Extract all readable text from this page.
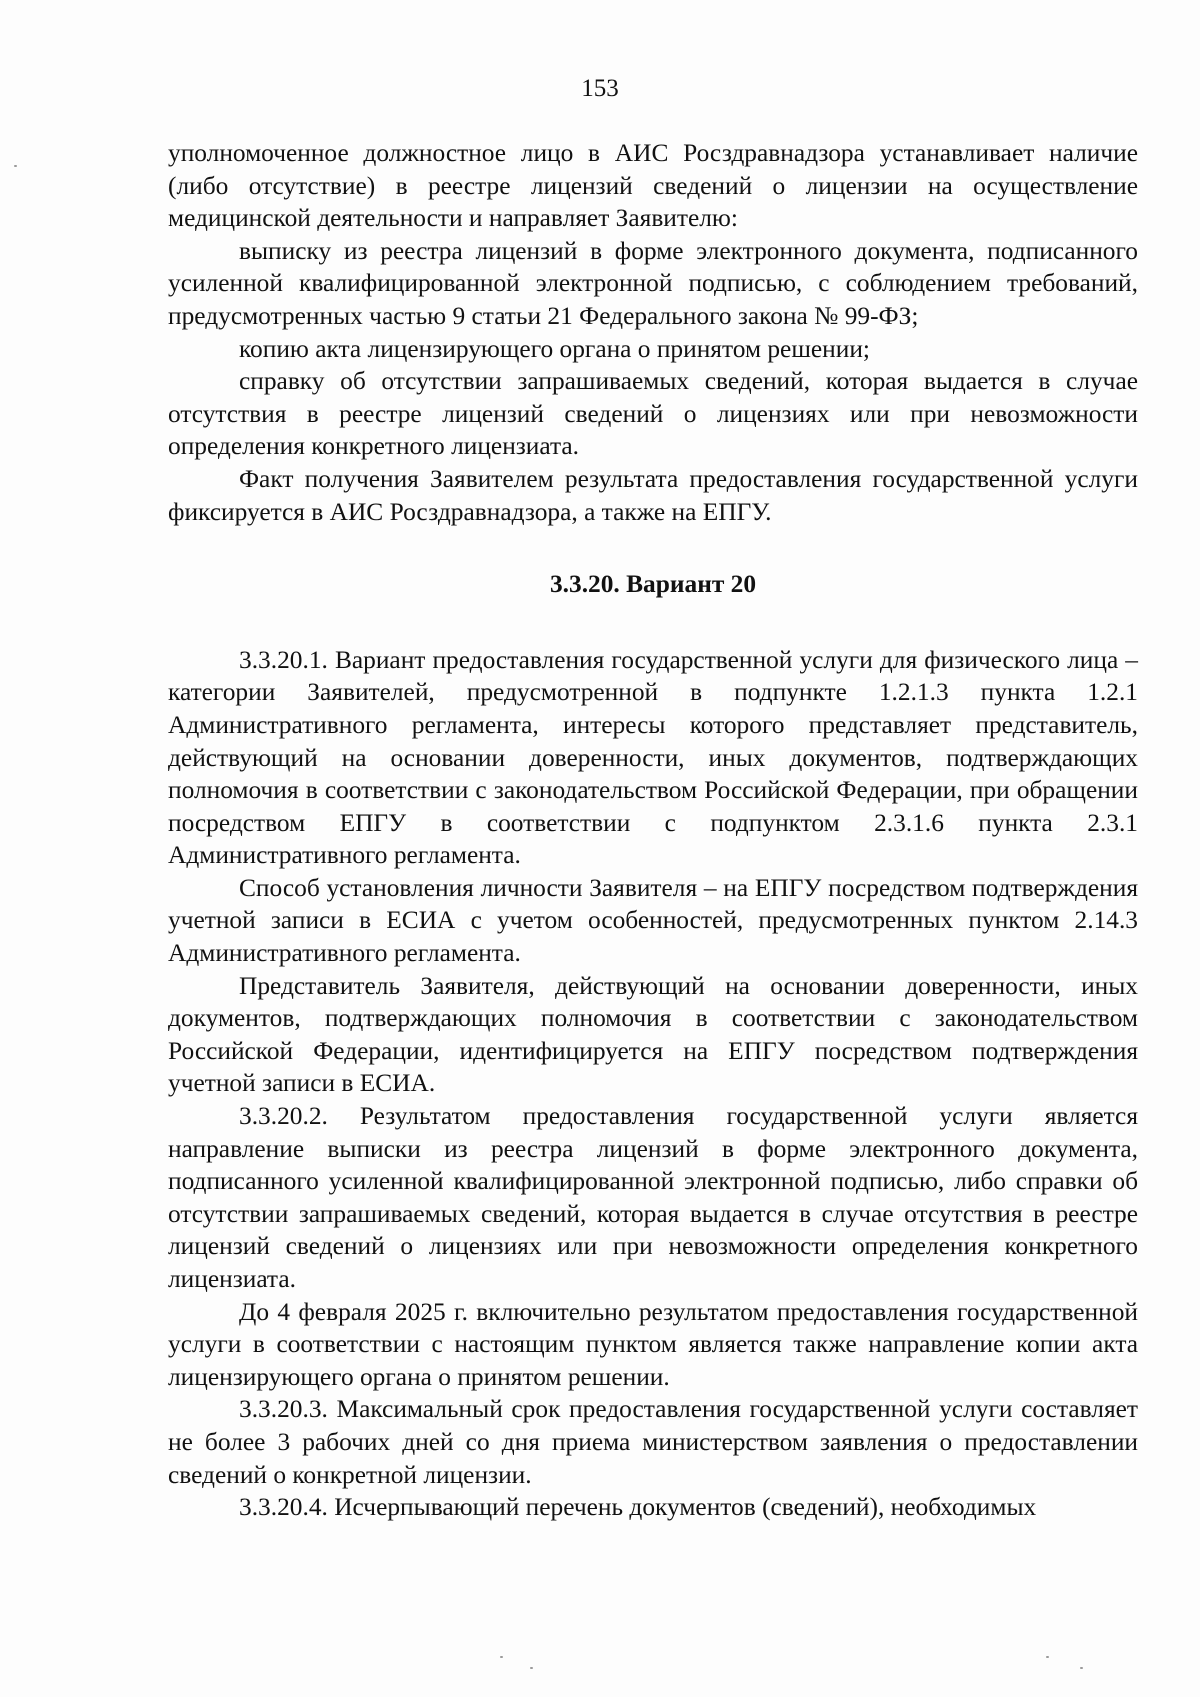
153

уполномоченное должностное лицо в АИС Росздравнадзора устанавливает наличие (либо отсутствие) в реестре лицензий сведений о лицензии на осуществление медицинской деятельности и направляет Заявителю:

выписку из реестра лицензий в форме электронного документа, подписанного усиленной квалифицированной электронной подписью, с соблюдением требований, предусмотренных частью 9 статьи 21 Федерального закона № 99-ФЗ;

копию акта лицензирующего органа о принятом решении;

справку об отсутствии запрашиваемых сведений, которая выдается в случае отсутствия в реестре лицензий сведений о лицензиях или при невозможности определения конкретного лицензиата.

Факт получения Заявителем результата предоставления государственной услуги фиксируется в АИС Росздравнадзора, а также на ЕПГУ.

3.3.20. Вариант 20

3.3.20.1. Вариант предоставления государственной услуги для физического лица – категории Заявителей, предусмотренной в подпункте 1.2.1.3 пункта 1.2.1 Административного регламента, интересы которого представляет представитель, действующий на основании доверенности, иных документов, подтверждающих полномочия в соответствии с законодательством Российской Федерации, при обращении посредством ЕПГУ в соответствии с подпунктом 2.3.1.6 пункта 2.3.1 Административного регламента.

Способ установления личности Заявителя – на ЕПГУ посредством подтверждения учетной записи в ЕСИА с учетом особенностей, предусмотренных пунктом 2.14.3 Административного регламента.

Представитель Заявителя, действующий на основании доверенности, иных документов, подтверждающих полномочия в соответствии с законодательством Российской Федерации, идентифицируется на ЕПГУ посредством подтверждения учетной записи в ЕСИА.

3.3.20.2. Результатом предоставления государственной услуги является направление выписки из реестра лицензий в форме электронного документа, подписанного усиленной квалифицированной электронной подписью, либо справки об отсутствии запрашиваемых сведений, которая выдается в случае отсутствия в реестре лицензий сведений о лицензиях или при невозможности определения конкретного лицензиата.

До 4 февраля 2025 г. включительно результатом предоставления государственной услуги в соответствии с настоящим пунктом является также направление копии акта лицензирующего органа о принятом решении.

3.3.20.3. Максимальный срок предоставления государственной услуги составляет не более 3 рабочих дней со дня приема министерством заявления о предоставлении сведений о конкретной лицензии.

3.3.20.4. Исчерпывающий перечень документов (сведений), необходимых
